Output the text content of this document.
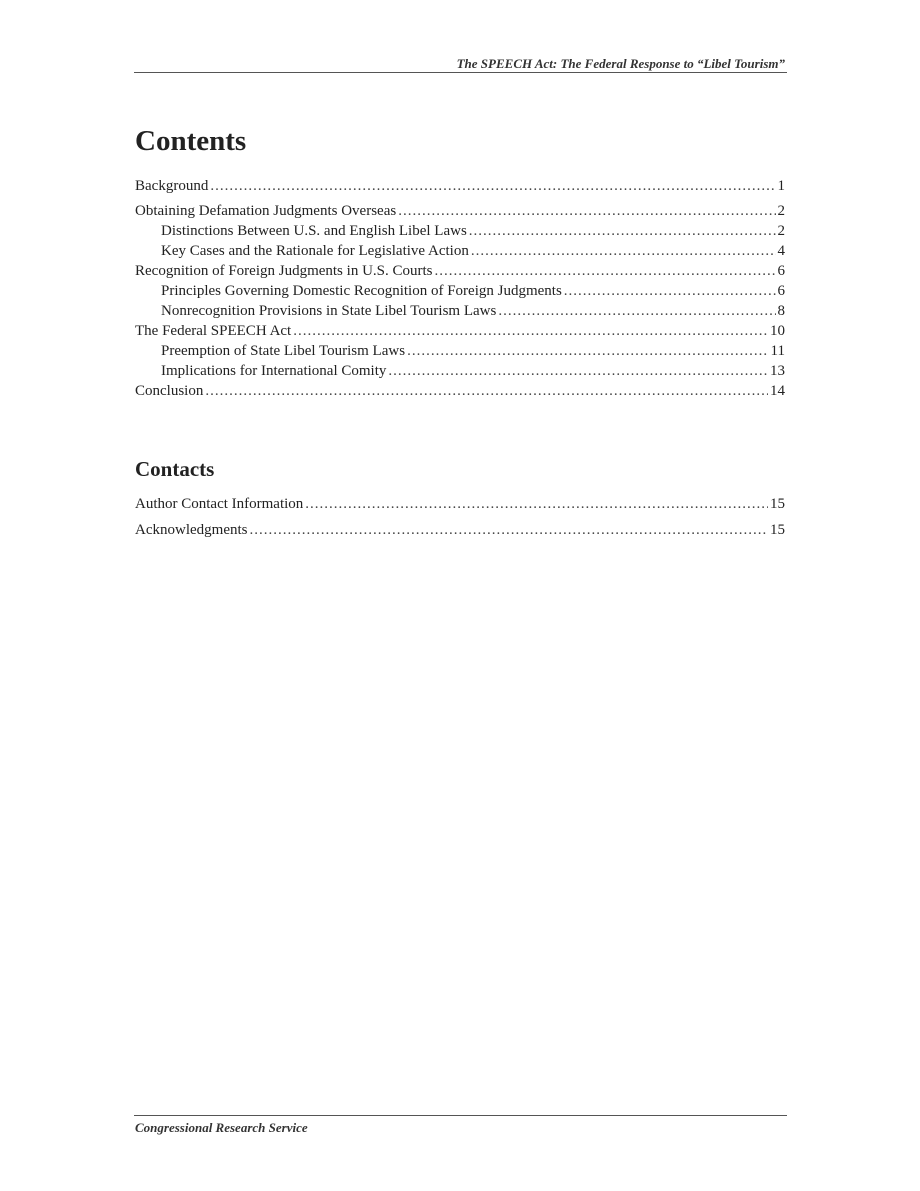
The SPEECH Act: The Federal Response to “Libel Tourism”
Contents
Background .....	1
Obtaining Defamation Judgments Overseas .....	2
Distinctions Between U.S. and English Libel Laws .....	2
Key Cases and the Rationale for Legislative Action .....	4
Recognition of Foreign Judgments in U.S. Courts .....	6
Principles Governing Domestic Recognition of Foreign Judgments .....	6
Nonrecognition Provisions in State Libel Tourism Laws .....	8
The Federal SPEECH Act .....	10
Preemption of State Libel Tourism Laws .....	11
Implications for International Comity .....	13
Conclusion .....	14
Contacts
Author Contact Information .....	15
Acknowledgments .....	15
Congressional Research Service
